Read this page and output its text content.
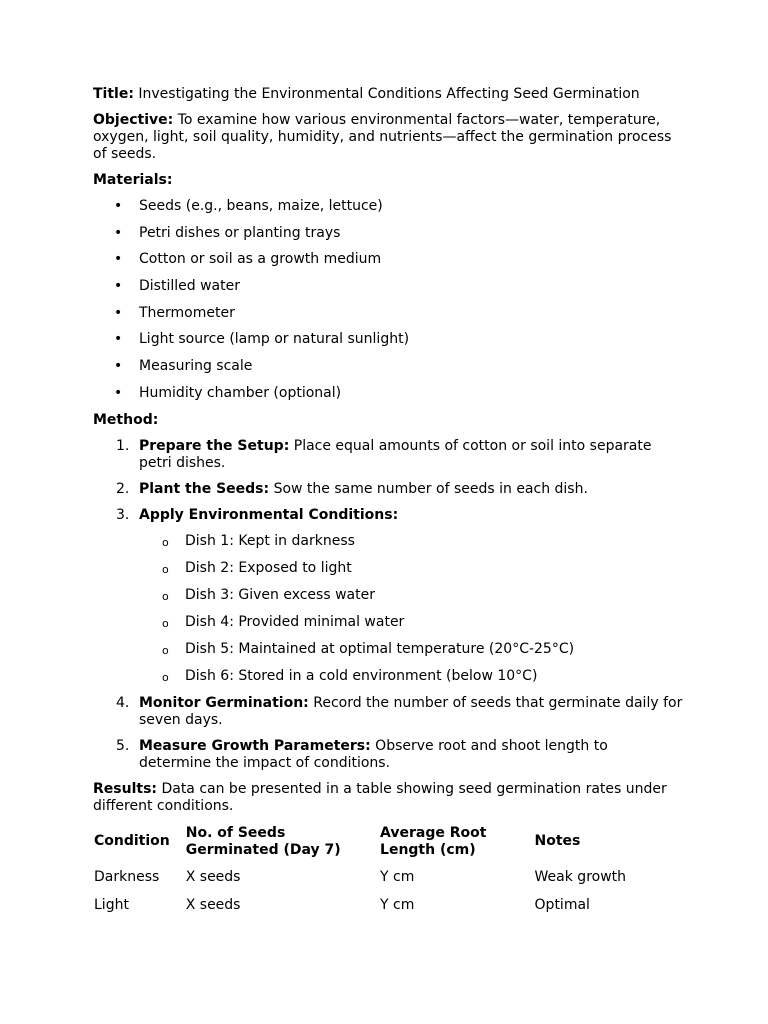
Title: Investigating the Environmental Conditions Affecting Seed Germination

Objective: To examine how various environmental factors—water, temperature, oxygen, light, soil quality, humidity, and nutrients—affect the germination process of seeds.

Materials:

• Seeds (e.g., beans, maize, lettuce)
• Petri dishes or planting trays
• Cotton or soil as a growth medium
• Distilled water
• Thermometer
• Light source (lamp or natural sunlight)
• Measuring scale
• Humidity chamber (optional)

Method:

1. Prepare the Setup: Place equal amounts of cotton or soil into separate petri dishes.
2. Plant the Seeds: Sow the same number of seeds in each dish.
3. Apply Environmental Conditions:
o Dish 1: Kept in darkness
o Dish 2: Exposed to light
o Dish 3: Given excess water
o Dish 4: Provided minimal water
o Dish 5: Maintained at optimal temperature (20°C-25°C)
o Dish 6: Stored in a cold environment (below 10°C)
4. Monitor Germination: Record the number of seeds that germinate daily for seven days.
5. Measure Growth Parameters: Observe root and shoot length to determine the impact of conditions.

Results: Data can be presented in a table showing seed germination rates under different conditions.

Condition	No. of Seeds Germinated (Day 7)	Average Root Length (cm)	Notes
Darkness	X seeds	Y cm	Weak growth
Light	X seeds	Y cm	Optimal
